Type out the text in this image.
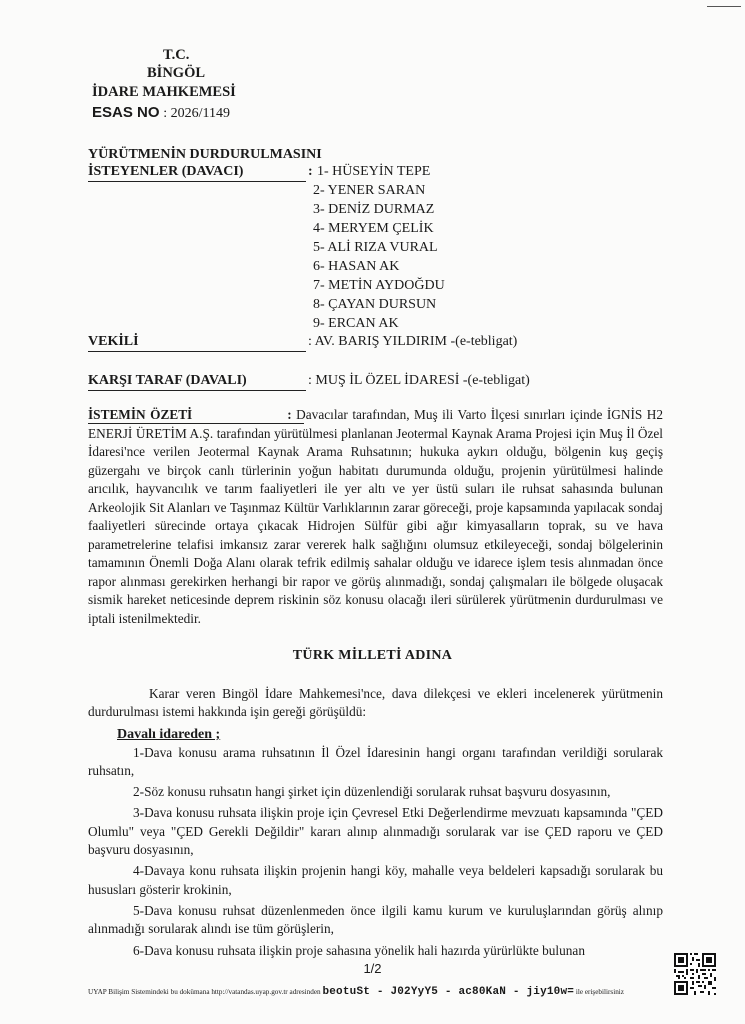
T.C.
BİNGÖL
İDARE MAHKEMESİ
ESAS NO : 2026/1149
YÜRÜTMENİN DURDURULMASINI
İSTEYENLER (DAVACI)	: 1- HÜSEYİN TEPE
2- YENER SARAN
3- DENİZ DURMAZ
4- MERYEM ÇELİK
5- ALİ RIZA VURAL
6- HASAN AK
7- METİN AYDOĞDU
8- ÇAYAN DURSUN
9- ERCAN AK
VEKİLİ	: AV. BARIŞ YILDIRIM -(e-tebligat)
KARŞI TARAF (DAVALI)	: MUŞ İL ÖZEL İDARESİ -(e-tebligat)

İSTEMİN ÖZETİ	: Davacılar tarafından, Muş ili Varto İlçesi sınırları içinde İGNİS H2 ENERJİ ÜRETİM A.Ş. tarafından yürütülmesi planlanan Jeotermal Kaynak Arama Projesi için Muş İl Özel İdaresi'nce verilen Jeotermal Kaynak Arama Ruhsatının; hukuka aykırı olduğu, bölgenin kuş geçiş güzergahı ve birçok canlı türlerinin yoğun habitatı durumunda olduğu, projenin yürütülmesi halinde arıcılık, hayvancılık ve tarım faaliyetleri ile yer altı ve yer üstü suları ile ruhsat sahasında bulunan Arkeolojik Sit Alanları ve Taşınmaz Kültür Varlıklarının zarar göreceği, proje kapsamında yapılacak sondaj faaliyetleri sürecinde ortaya çıkacak Hidrojen Sülfür gibi ağır kimyasalların toprak, su ve hava parametrelerine telafisi imkansız zarar vererek halk sağlığını olumsuz etkileyeceği, sondaj bölgelerinin tamamının Önemli Doğa Alanı olarak tefrik edilmiş sahalar olduğu ve idarece işlem tesis alınmadan önce rapor alınması gerekirken herhangi bir rapor ve görüş alınmadığı, sondaj çalışmaları ile bölgede oluşacak sismik hareket neticesinde deprem riskinin söz konusu olacağı ileri sürülerek yürütmenin durdurulması ve iptali istenilmektedir.

TÜRK MİLLETİ ADINA

Karar veren Bingöl İdare Mahkemesi'nce, dava dilekçesi ve ekleri incelenerek yürütmenin durdurulması istemi hakkında işin gereği görüşüldü:

Davalı idareden ;

1-Dava konusu arama ruhsatının İl Özel İdaresinin hangi organı tarafından verildiği sorularak ruhsatın,

2-Söz konusu ruhsatın hangi şirket için düzenlendiği sorularak ruhsat başvuru dosyasının,

3-Dava konusu ruhsata ilişkin proje için Çevresel Etki Değerlendirme mevzuatı kapsamında "ÇED Olumlu" veya "ÇED Gerekli Değildir" kararı alınıp alınmadığı sorularak var ise ÇED raporu ve ÇED başvuru dosyasının,

4-Davaya konu ruhsata ilişkin projenin hangi köy, mahalle veya beldeleri kapsadığı sorularak bu hususları gösterir krokinin,

5-Dava konusu ruhsat düzenlenmeden önce ilgili kamu kurum ve kuruluşlarından görüş alınıp alınmadığı sorularak alındı ise tüm görüşlerin,

6-Dava konusu ruhsata ilişkin proje sahasına yönelik hali hazırda yürürlükte bulunan

1/2
UYAP Bilişim Sistemindeki bu dokümana http://vatandas.uyap.gov.tr adresinden beotuSt - J02YyY5 - ac80KaN - jiy10w= ile erişebilirsiniz
